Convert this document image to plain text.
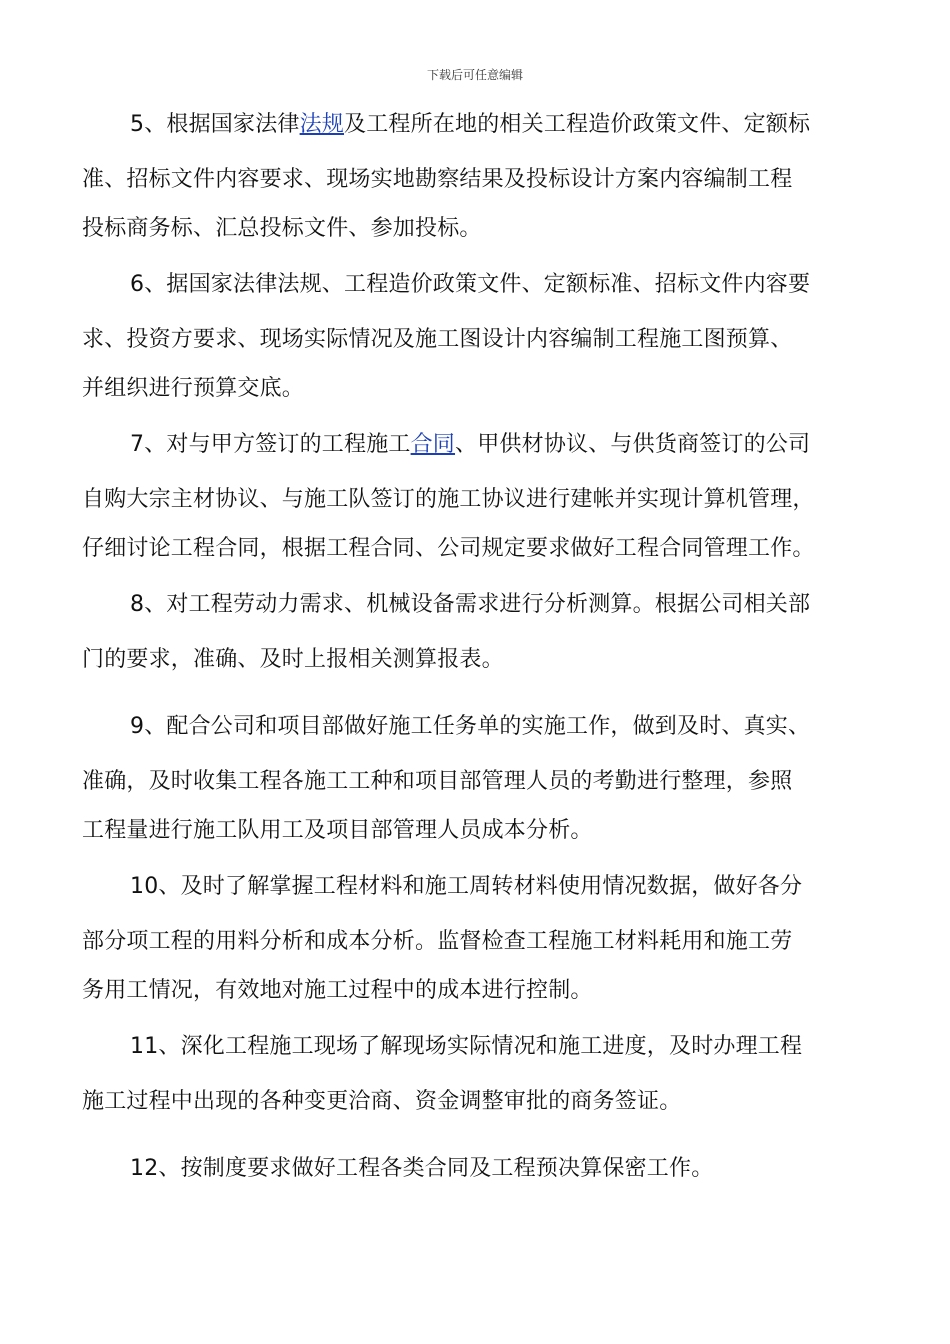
下载后可任意编辑

5、根据国家法律法规及工程所在地的相关工程造价政策文件、定额标
准、招标文件内容要求、现场实地勘察结果及投标设计方案内容编制工程
投标商务标、汇总投标文件、参加投标。

6、据国家法律法规、工程造价政策文件、定额标准、招标文件内容要
求、投资方要求、现场实际情况及施工图设计内容编制工程施工图预算、
并组织进行预算交底。

7、对与甲方签订的工程施工合同、甲供材协议、与供货商签订的公司
自购大宗主材协议、与施工队签订的施工协议进行建帐并实现计算机管理，
仔细讨论工程合同，根据工程合同、公司规定要求做好工程合同管理工作。

8、对工程劳动力需求、机械设备需求进行分析测算。根据公司相关部
门的要求，准确、及时上报相关测算报表。

9、配合公司和项目部做好施工任务单的实施工作，做到及时、真实、
准确，及时收集工程各施工工种和项目部管理人员的考勤进行整理，参照
工程量进行施工队用工及项目部管理人员成本分析。

10、及时了解掌握工程材料和施工周转材料使用情况数据，做好各分
部分项工程的用料分析和成本分析。监督检查工程施工材料耗用和施工劳
务用工情况，有效地对施工过程中的成本进行控制。

11、深化工程施工现场了解现场实际情况和施工进度，及时办理工程
施工过程中出现的各种变更洽商、资金调整审批的商务签证。

12、按制度要求做好工程各类合同及工程预决算保密工作。
